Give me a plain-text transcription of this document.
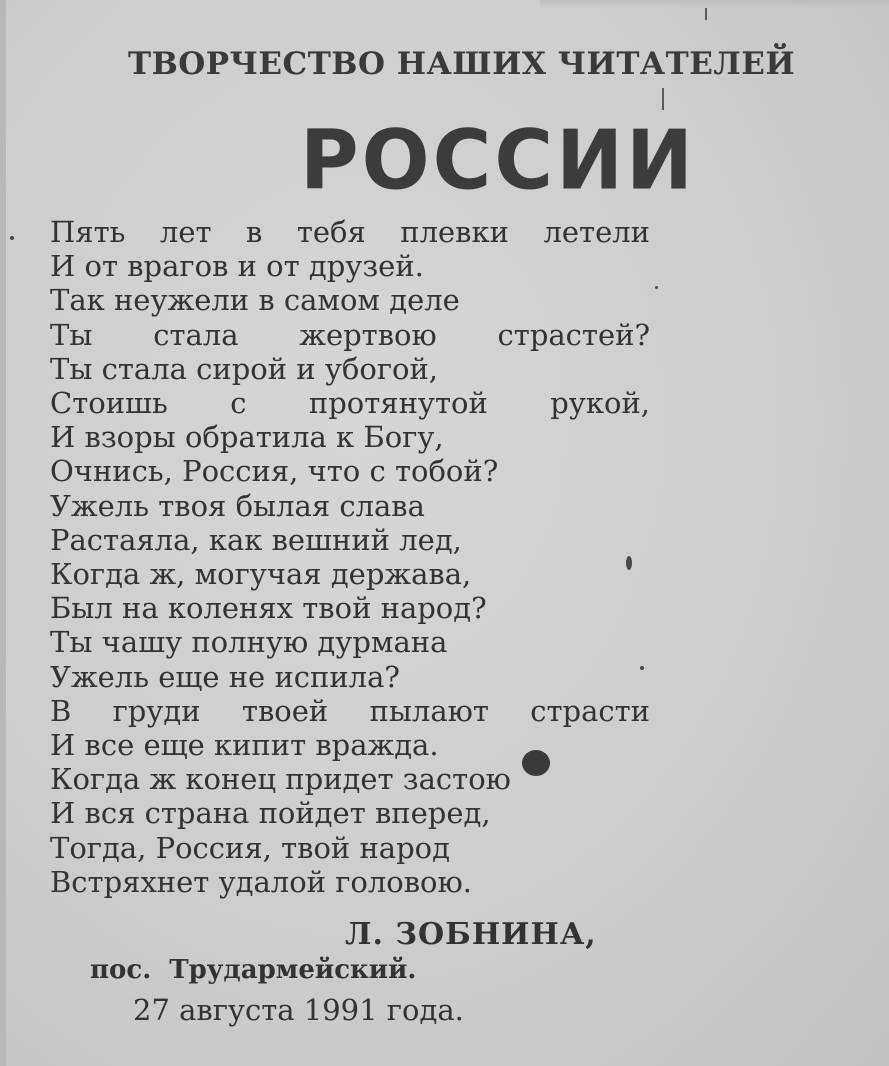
ТВОРЧЕСТВО НАШИХ ЧИТАТЕЛЕЙ
РОССИИ
Пять лет в тебя плевки летели
И от врагов и от друзей.
Так неужели в самом деле
Ты стала жертвою страстей?
Ты стала сирой и убогой,
Стоишь с протянутой рукой,
И взоры обратила к Богу,
Очнись, Россия, что с тобой?
Ужель твоя былая слава
Растаяла, как вешний лед,
Когда ж, могучая держава,
Был на коленях твой народ?
Ты чашу полную дурмана
Ужель еще не испила?
В груди твоей пылают страсти
И все еще кипит вражда.
Когда ж конец придет застою
И вся страна пойдет вперед,
Тогда, Россия, твой народ
Встряхнет удалой головою.
Л. ЗОБНИНА,
пос. Трудармейский.
27 августа 1991 года.
